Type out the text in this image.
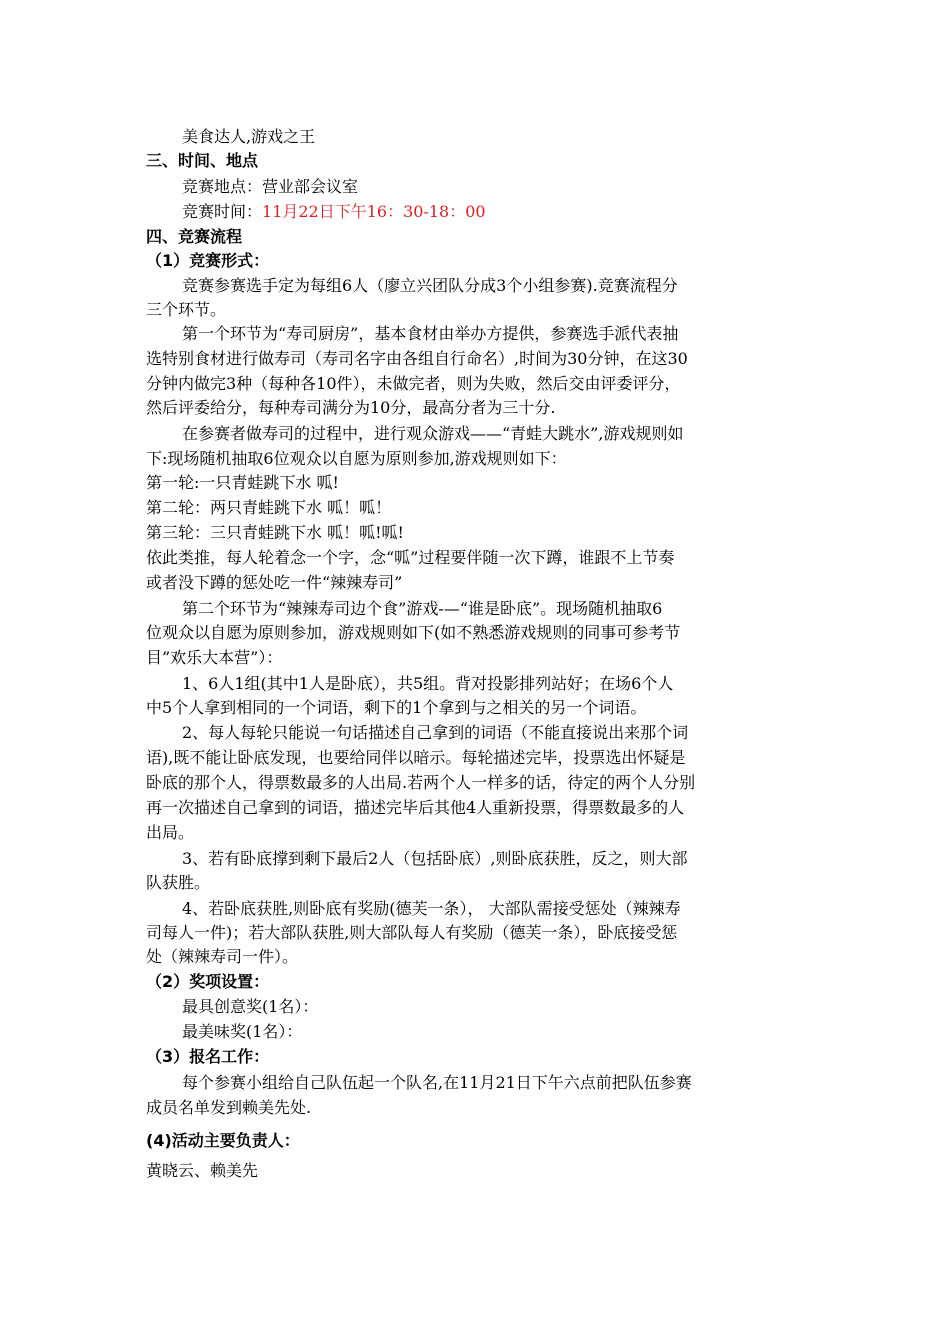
美食达人,游戏之王
三、时间、地点
竞赛地点：营业部会议室
竞赛时间：11月22日下午16：30-18：00
四、竞赛流程
（1）竞赛形式：
竞赛参赛选手定为每组6人（廖立兴团队分成3个小组参赛).竞赛流程分
三个环节。
第一个环节为“寿司厨房”，基本食材由举办方提供，参赛选手派代表抽
选特别食材进行做寿司（寿司名字由各组自行命名）,时间为30分钟，在这30
分钟内做完3种（每种各10件），未做完者，则为失败，然后交由评委评分，
然后评委给分，每种寿司满分为10分，最高分者为三十分.
在参赛者做寿司的过程中，进行观众游戏——“青蛙大跳水”,游戏规则如
下:现场随机抽取6位观众以自愿为原则参加,游戏规则如下：
第一轮:一只青蛙跳下水 呱!
第二轮：两只青蛙跳下水 呱！呱！
第三轮：三只青蛙跳下水 呱！呱!呱!
依此类推，每人轮着念一个字，念“呱”过程要伴随一次下蹲，谁跟不上节奏
或者没下蹲的惩处吃一件“辣辣寿司”
第二个环节为“辣辣寿司边个食”游戏-—“谁是卧底”。现场随机抽取6
位观众以自愿为原则参加，游戏规则如下(如不熟悉游戏规则的同事可参考节
目”欢乐大本营”）：
1、6人1组(其中1人是卧底），共5组。背对投影排列站好；在场6个人
中5个人拿到相同的一个词语，剩下的1个拿到与之相关的另一个词语。
2、每人每轮只能说一句话描述自己拿到的词语（不能直接说出来那个词
语),既不能让卧底发现，也要给同伴以暗示。每轮描述完毕，投票选出怀疑是
卧底的那个人，得票数最多的人出局.若两个人一样多的话，待定的两个人分别
再一次描述自己拿到的词语，描述完毕后其他4人重新投票，得票数最多的人
出局。
3、若有卧底撑到剩下最后2人（包括卧底）,则卧底获胜，反之，则大部
队获胜。
4、若卧底获胜,则卧底有奖励(德芙一条）， 大部队需接受惩处（辣辣寿
司每人一件)；若大部队获胜,则大部队每人有奖励（德芙一条），卧底接受惩
处（辣辣寿司一件）。
（2）奖项设置：
最具创意奖(1名）：
最美味奖(1名）：
（3）报名工作：
每个参赛小组给自己队伍起一个队名,在11月21日下午六点前把队伍参赛
成员名单发到赖美先处.
(4)活动主要负责人：
黄晓云、赖美先
